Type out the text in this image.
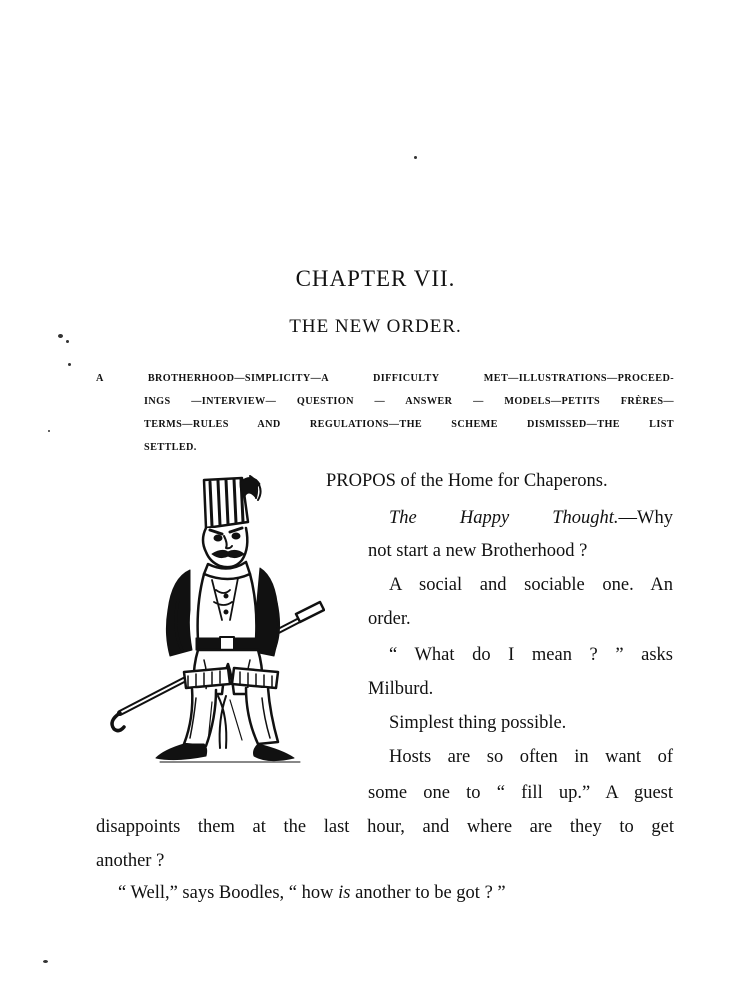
CHAPTER VII.
THE NEW ORDER.
A BROTHERHOOD—SIMPLICITY—A DIFFICULTY MET—ILLUSTRATIONS—PROCEED-
INGS —INTERVIEW— QUESTION — ANSWER — MODELS—PETITS FRÈRES—
TERMS—RULES AND REGULATIONS—THE SCHEME DISMISSED—THE LIST
SETTLED.
PROPOS of the Home for Chaperons.
The Happy Thought.—Why
not start a new Brotherhood ?
A social and sociable one. An
order.
“ What do I mean ? ” asks
Milburd.
Simplest thing possible.
Hosts are so often in want of
some one to “ fill up.” A guest
disappoints them at the last hour, and where are they to get
another ?
“ Well,” says Boodles, “ how is another to be got ? ”
